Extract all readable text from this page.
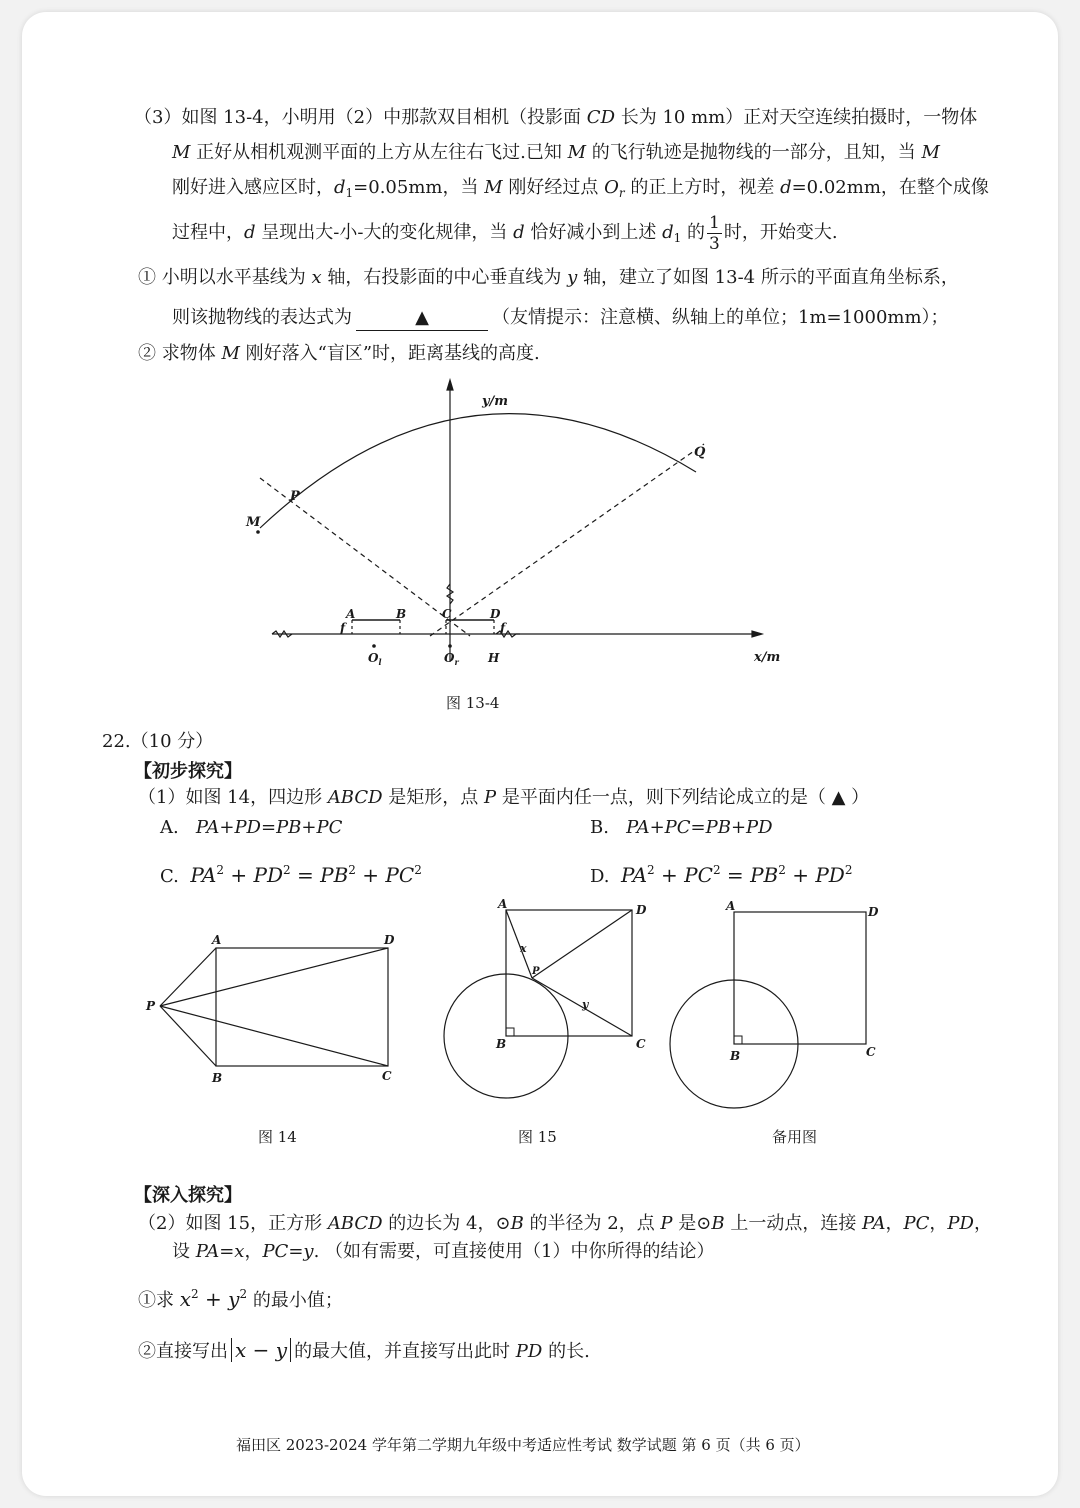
（3）如图 13-4，小明用（2）中那款双目相机（投影面 CD 长为 10 mm）正对天空连续拍摄时，一物体
M 正好从相机观测平面的上方从左往右飞过.已知 M 的飞行轨迹是抛物线的一部分，且知，当 M
刚好进入感应区时，$d_1=0.05mm$，当 M 刚好经过点 $O_r$ 的正上方时，视差 d=0.02mm，在整个成像
过程中，d 呈现出大-小-大的变化规律，当 d 恰好减小到上述 $d_1$ 的 $\frac{1}{3}$ 时，开始变大.
① 小明以水平基线为 x 轴，右投影面的中心垂直线为 y 轴，建立了如图 13-4 所示的平面直角坐标系，
则该抛物线的表达式为	▲	（友情提示：注意横、纵轴上的单位；1m=1000mm）；
② 求物体 M 刚好落入“盲区”时，距离基线的高度.
y/m
x/m
M
P
Q
A	B	C	D
f	f
$O_l$	$O_r$ H
图 13-4
22.（10 分）
【初步探究】
（1）如图 14，四边形 ABCD 是矩形，点 P 是平面内任一点，则下列结论成立的是（ ▲ ）
A. PA+PD=PB+PC	B. PA+PC=PB+PD
C. $PA^2 + PD^2 = PB^2 + PC^2$	D. $PA^2 + PC^2 = PB^2 + PD^2$
A	D
B	C
P
图 14
A	D
B	C
P
x
y
图 15
A	D
B	C
备用图
【深入探究】
（2）如图 15，正方形 ABCD 的边长为 4，⊙B 的半径为 2，点 P 是⊙B 上一动点，连接 PA，PC，PD，
设 PA=x，PC=y. （如有需要，可直接使用（1）中你所得的结论）
①求 $x^2 + y^2$ 的最小值；
②直接写出 x − y 的最大值，并直接写出此时 PD 的长.
福田区 2023-2024 学年第二学期九年级中考适应性考试 数学试题 第 6 页（共 6 页）
